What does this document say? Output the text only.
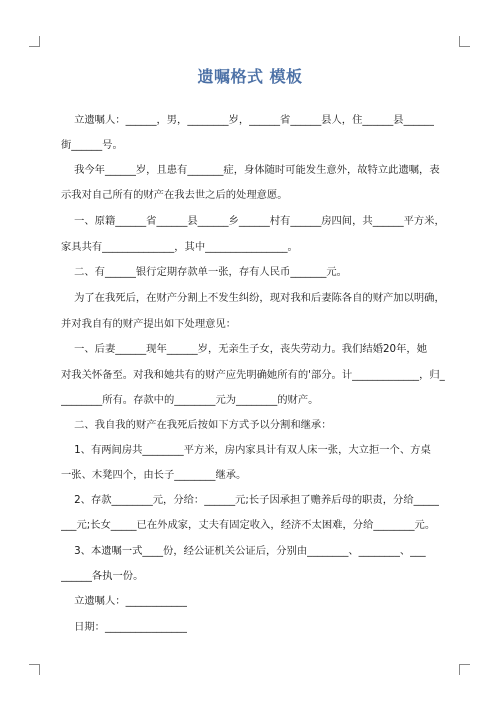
遗嘱格式 模板
立遗嘱人：______，男，________岁，______省______县人，住______县______
街______号。
我今年______岁，且患有_______症，身体随时可能发生意外，故特立此遗嘱，表
示我对自己所有的财产在我去世之后的处理意愿。
一、原籍______省______县______乡______村有______房四间，共______平方米，
家具共有______________，其中________________。
二、有______银行定期存款单一张，存有人民币_______元。
为了在我死后，在财产分割上不发生纠纷，现对我和后妻陈各自的财产加以明确，
并对我自有的财产提出如下处理意见：
一、后妻______现年______岁，无亲生子女，丧失劳动力。我们结婚20年，她
对我关怀备至。对我和她共有的财产应先明确她所有的'部分。计_____________，归_
________所有。存款中的________元为________的财产。
二、我自我的财产在我死后按如下方式予以分割和继承：
1、有两间房共________平方米，房内家具计有双人床一张，大立拒一个、方桌
一张、木凳四个，由长子________继承。
2、存款________元，分给：______元;长子因承担了赡养后母的职责，分给_____
___元;长女_____已在外成家，丈夫有固定收入，经济不太困难，分给________元。
3、本遗嘱一式____份，经公证机关公证后，分别由________、________、___
______各执一份。
立遗嘱人：____________
日期：________________
